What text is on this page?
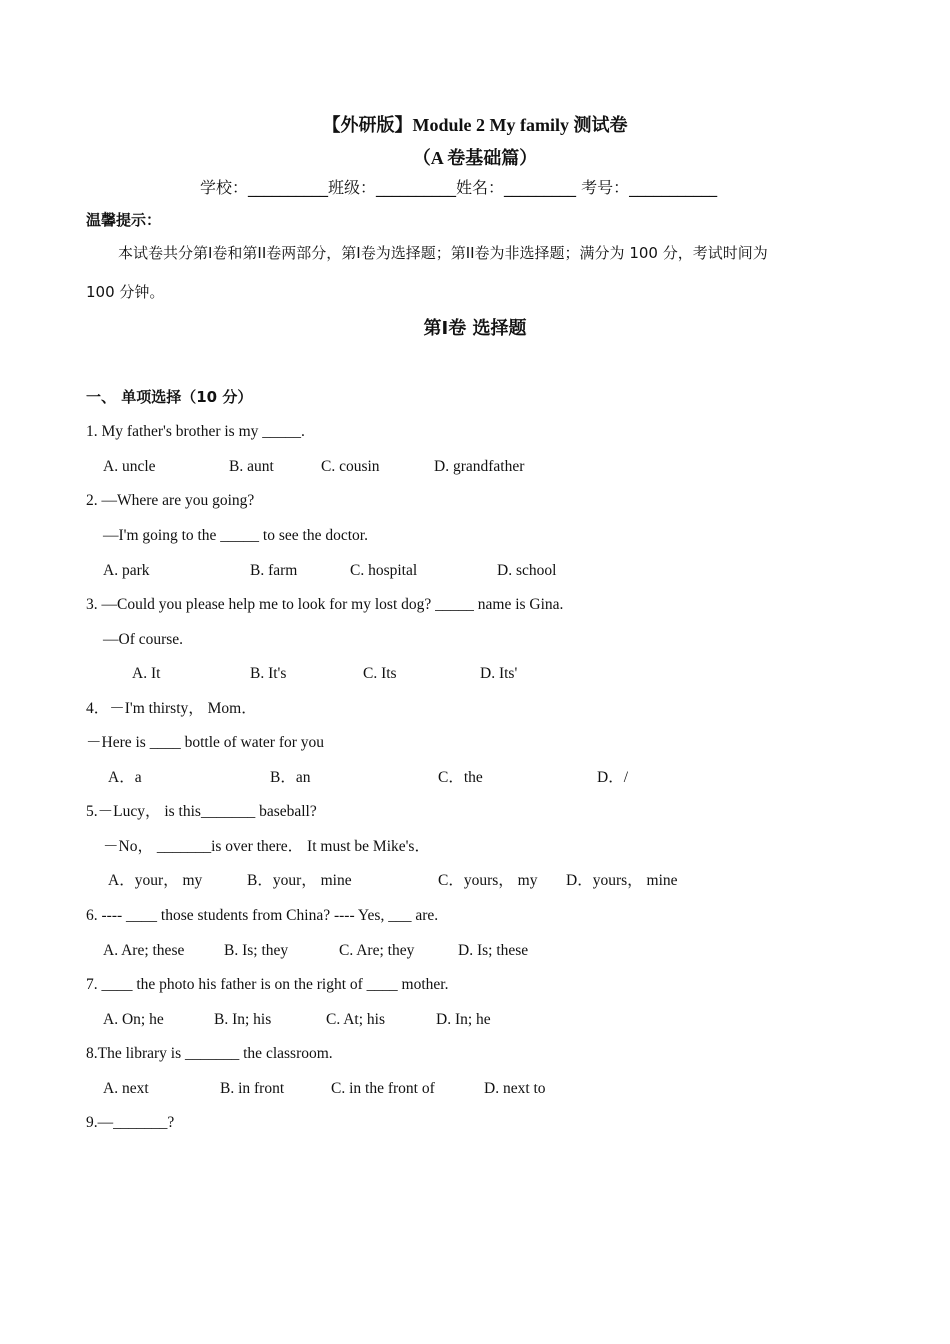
【外研版】Module 2 My family 测试卷
（A 卷基础篇）
学校：__________班级：__________姓名：_________ 考号：___________
温馨提示：
本试卷共分第I卷和第II卷两部分，第I卷为选择题；第II卷为非选择题；满分为 100 分，考试时间为
100 分钟。
第I卷 选择题
一、 单项选择（10 分）
1. My father's brother is my _____.
A. uncle	B. aunt	C. cousin	D. grandfather
2. —Where are you going?
—I'm going to the _____ to see the doctor.
A. park	B. farm	C. hospital	D. school
3. —Could you please help me to look for my lost dog? _____ name is Gina.
—Of course.
A. It	B. It's	C. Its	D. Its'
4．－I'm thirsty， Mom．
－Here is ____ bottle of water for you
A．a	B．an	C．the	D．/
5.－Lucy， is this_______ baseball?
－No， _______is over there． It must be Mike's．
A．your， my	B．your， mine	C．yours， my D．yours， mine
6. ---- ____ those students from China? ---- Yes, ___ are.
A. Are; these	B. Is; they	C. Are; they	D. Is; these
7. ____ the photo his father is on the right of ____ mother.
A. On; he	B. In; his	C. At; his	D. In; he
8.The library is _______ the classroom.
A. next	B. in front	C. in the front of	D. next to
9.—_______?
